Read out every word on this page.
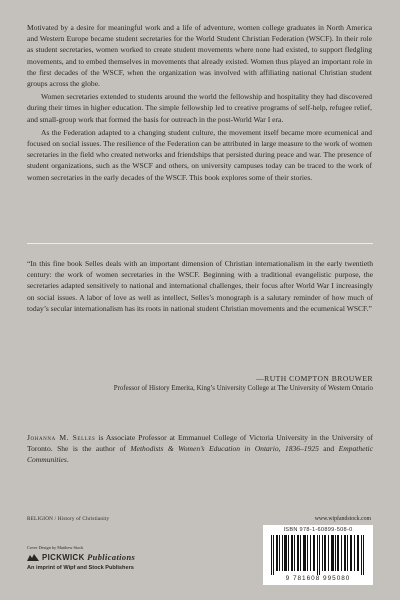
Motivated by a desire for meaningful work and a life of adventure, women college graduates in North America and Western Europe became student secretaries for the World Student Christian Federation (WSCF). In their role as student secretaries, women worked to create student movements where none had existed, to support fledgling movements, and to embed themselves in movements that already existed. Women thus played an important role in the first decades of the WSCF, when the organization was involved with affiliating national Christian student groups across the globe.

Women secretaries extended to students around the world the fellowship and hospitality they had discovered during their times in higher education. The simple fellowship led to creative programs of self-help, refugee relief, and small-group work that formed the basis for outreach in the post-World War I era.

As the Federation adapted to a changing student culture, the movement itself became more ecumenical and focused on social issues. The resilience of the Federation can be attributed in large measure to the work of women secretaries in the field who created networks and friendships that persisted during peace and war. The presence of student organizations, such as the WSCF and others, on university campuses today can be traced to the work of women secretaries in the early decades of the WSCF. This book explores some of their stories.

“In this fine book Selles deals with an important dimension of Christian internationalism in the early twentieth century: the work of women secretaries in the WSCF. Beginning with a traditional evangelistic purpose, the secretaries adapted sensitively to national and international challenges, their focus after World War I increasingly on social issues. A labor of love as well as intellect, Selles’s monograph is a salutary reminder of how much of today’s secular internationalism has its roots in national student Christian movements and the ecumenical WSCF.”

—RUTH COMPTON BROUWER
Professor of History Emerita, King’s University College at The University of Western Ontario

Johanna M. Selles is Associate Professor at Emmanuel College of Victoria University in the University of Toronto. She is the author of Methodists & Women’s Education in Ontario, 1836–1925 and Empathetic Communities.

RELIGION / History of Christianity
Cover Design by Matthew Stock
PICKWICK Publications
An imprint of Wipf and Stock Publishers
www.wipfandstock.com
ISBN 978-1-60899-508-0
9 781608 995080
